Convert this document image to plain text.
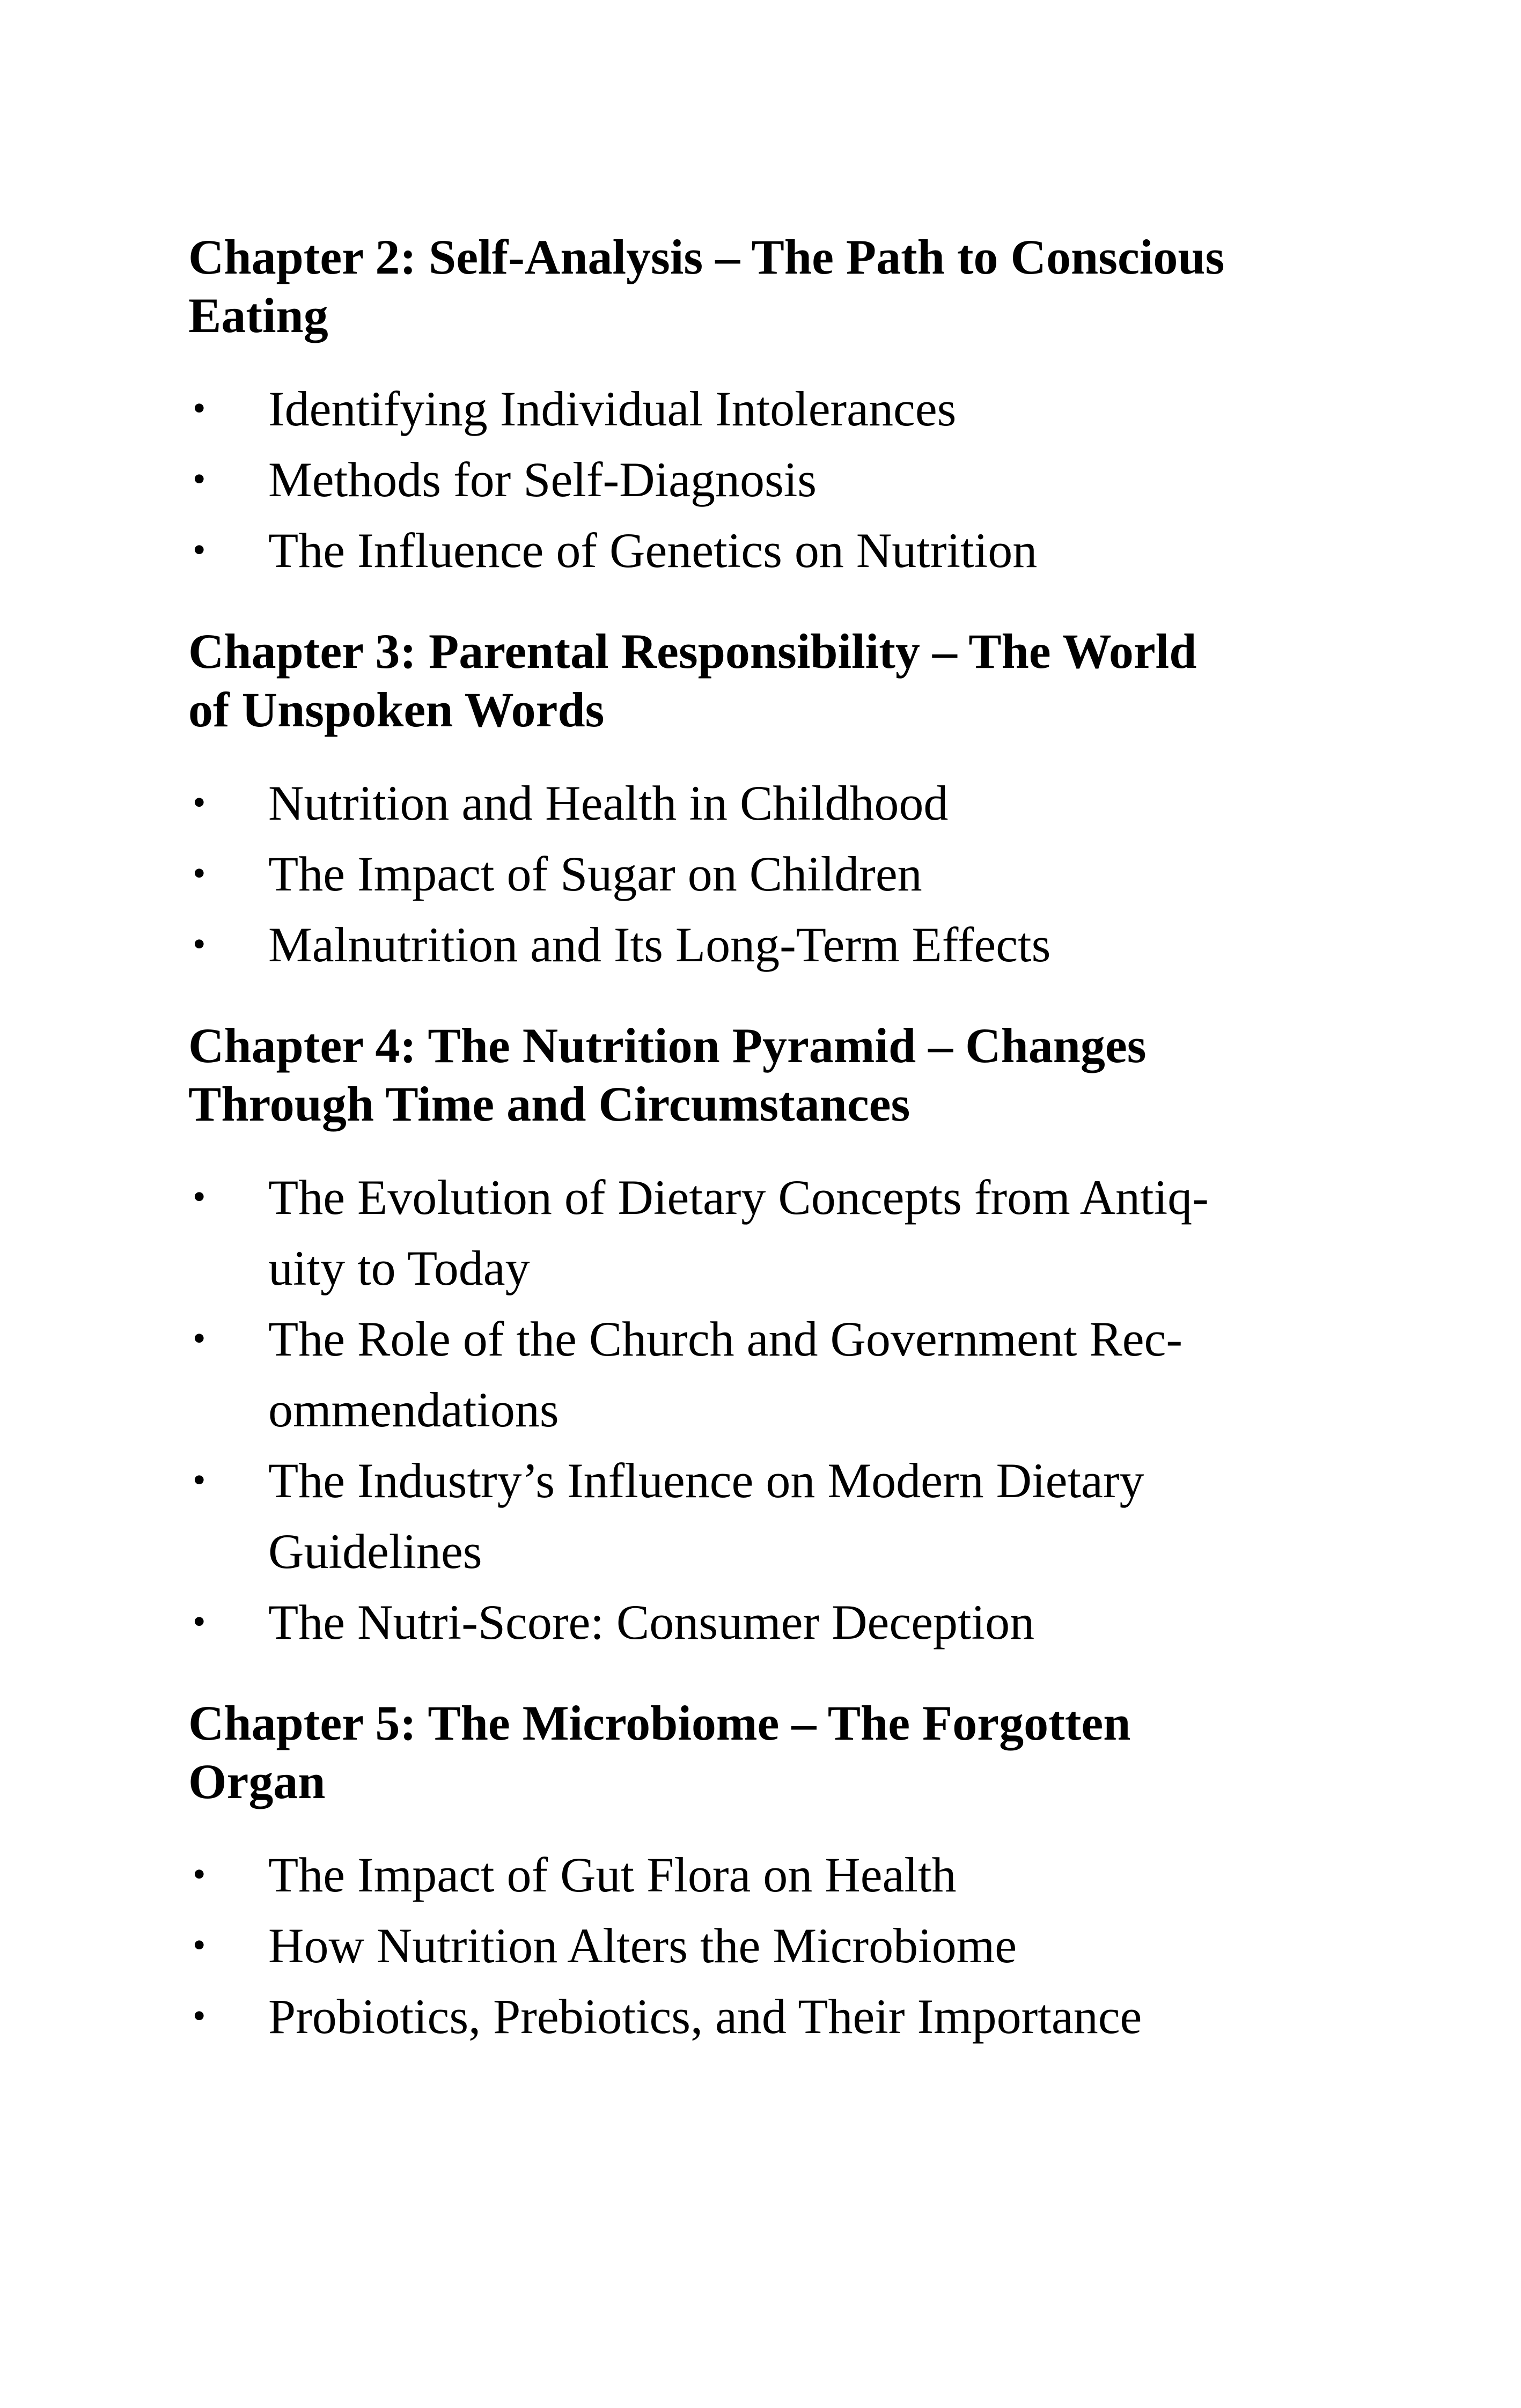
Chapter 2: Self-Analysis – The Path to Conscious
Eating
• Identifying Individual Intolerances
• Methods for Self-Diagnosis
• The Influence of Genetics on Nutrition
Chapter 3: Parental Responsibility – The World
of Unspoken Words
• Nutrition and Health in Childhood
• The Impact of Sugar on Children
• Malnutrition and Its Long-Term Effects
Chapter 4: The Nutrition Pyramid – Changes
Through Time and Circumstances
• The Evolution of Dietary Concepts from Antiq-
uity to Today
• The Role of the Church and Government Rec-
ommendations
• The Industry’s Influence on Modern Dietary
Guidelines
• The Nutri-Score: Consumer Deception
Chapter 5: The Microbiome – The Forgotten
Organ
• The Impact of Gut Flora on Health
• How Nutrition Alters the Microbiome
• Probiotics, Prebiotics, and Their Importance
